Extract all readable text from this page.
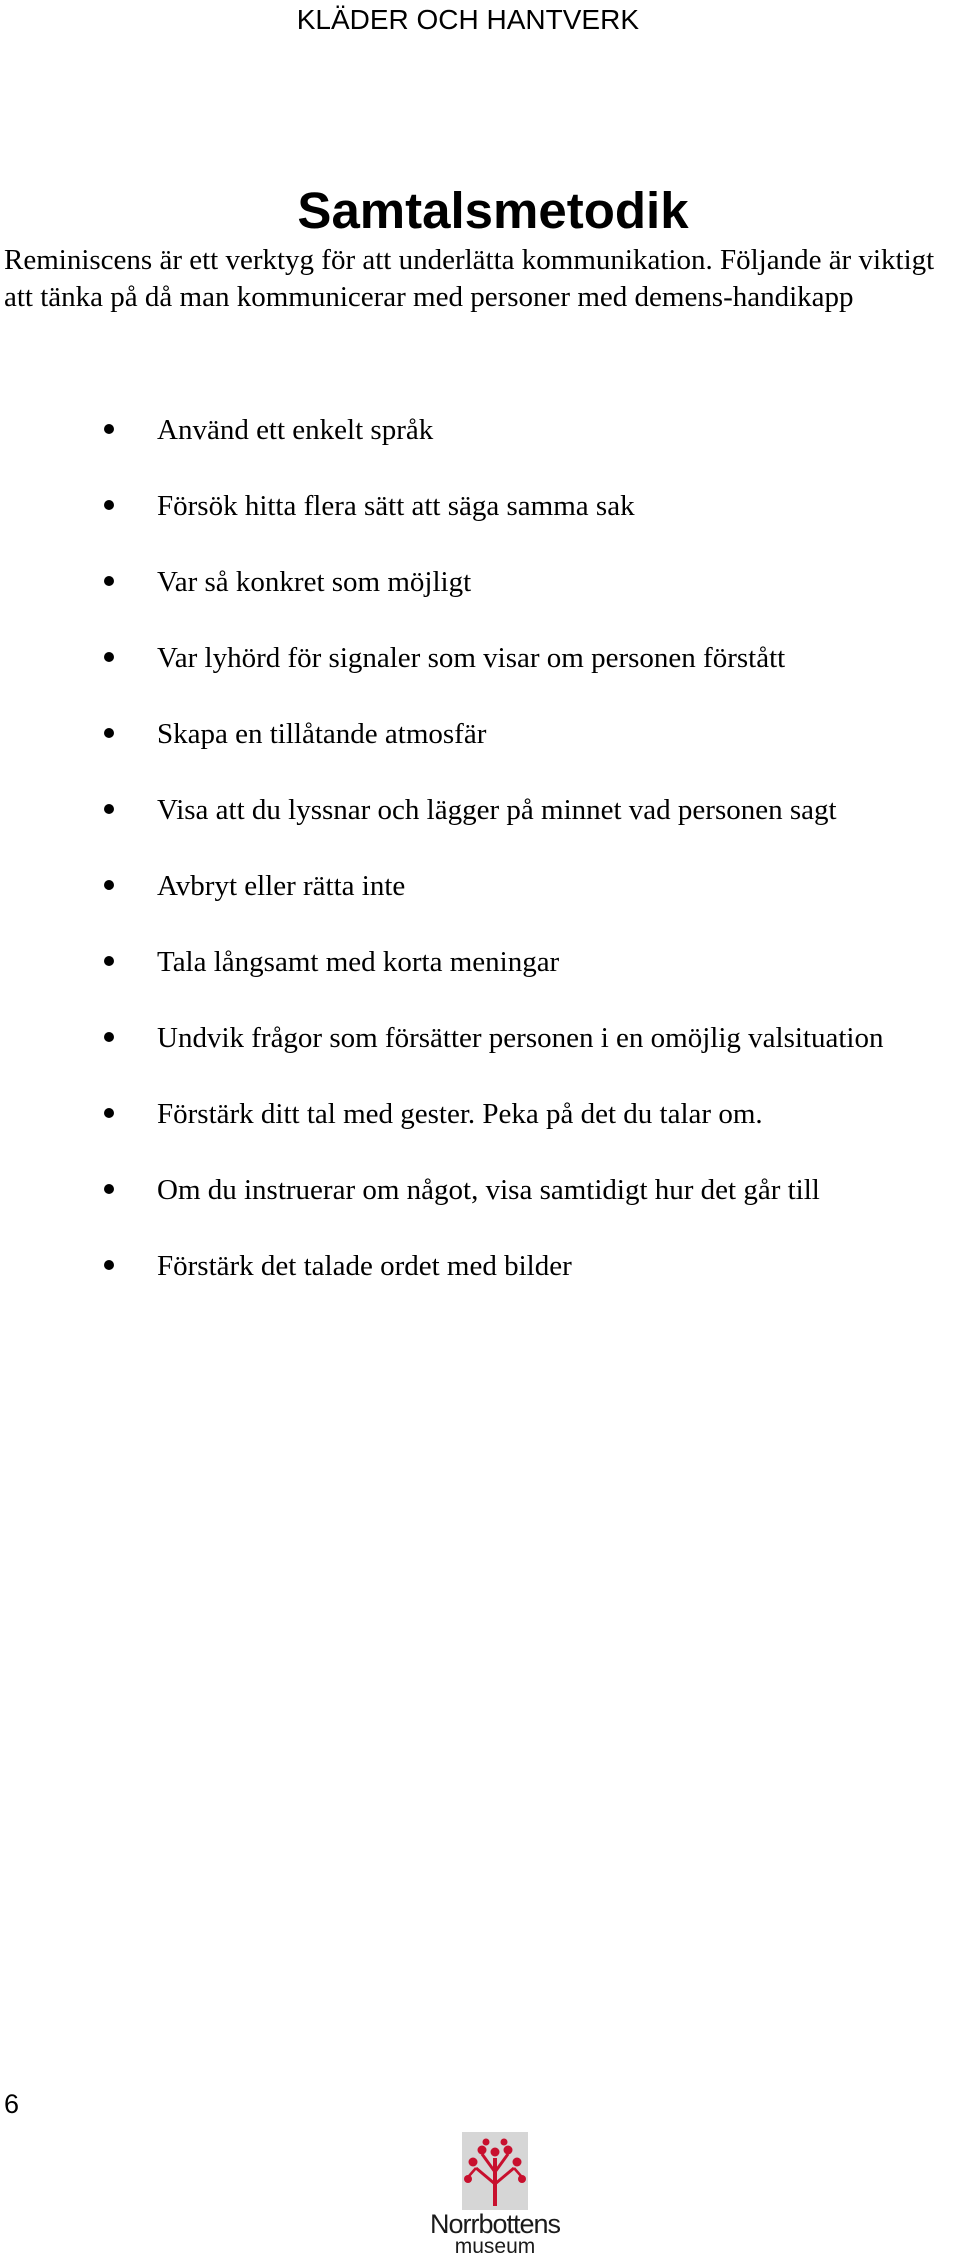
KLÄDER OCH HANTVERK
Samtalsmetodik

Reminiscens är ett verktyg för att underlätta kommunikation. Följande är viktigt att tänka på då man kommunicerar med personer med demens-handikapp

Använd ett enkelt språk
Försök hitta flera sätt att säga samma sak
Var så konkret som möjligt
Var lyhörd för signaler som visar om personen förstått
Skapa en tillåtande atmosfär
Visa att du lyssnar och lägger på minnet vad personen sagt
Avbryt eller rätta inte
Tala långsamt med korta meningar
Undvik frågor som försätter personen i en omöjlig valsituation
Förstärk ditt tal med gester. Peka på det du talar om.
Om du instruerar om något, visa samtidigt hur det går till
Förstärk det talade ordet med bilder
6
Norrbottens
museum
